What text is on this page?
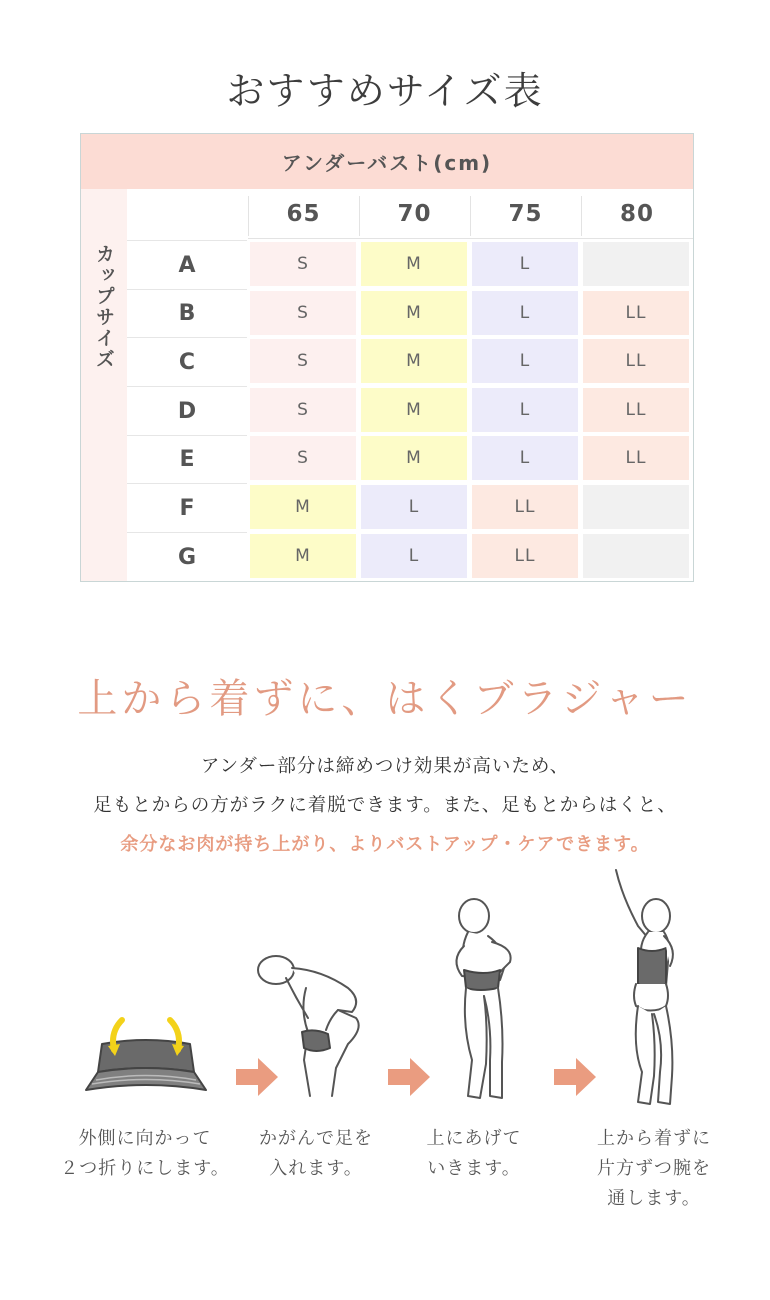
おすすめサイズ表
アンダーバスト(cm)
カップサイズ
65	70	75	80
A	S	M	L
B	S	M	L	LL
C	S	M	L	LL
D	S	M	L	LL
E	S	M	L	LL
F	M	L	LL
G	M	L	LL
上から着ずに、はくブラジャー
アンダー部分は締めつけ効果が高いため、
足もとからの方がラクに着脱できます。また、足もとからはくと、
余分なお肉が持ち上がり、よりバストアップ・ケアできます。
外側に向かって
２つ折りにします。
かがんで足を
入れます。
上にあげて
いきます。
上から着ずに
片方ずつ腕を
通します。
